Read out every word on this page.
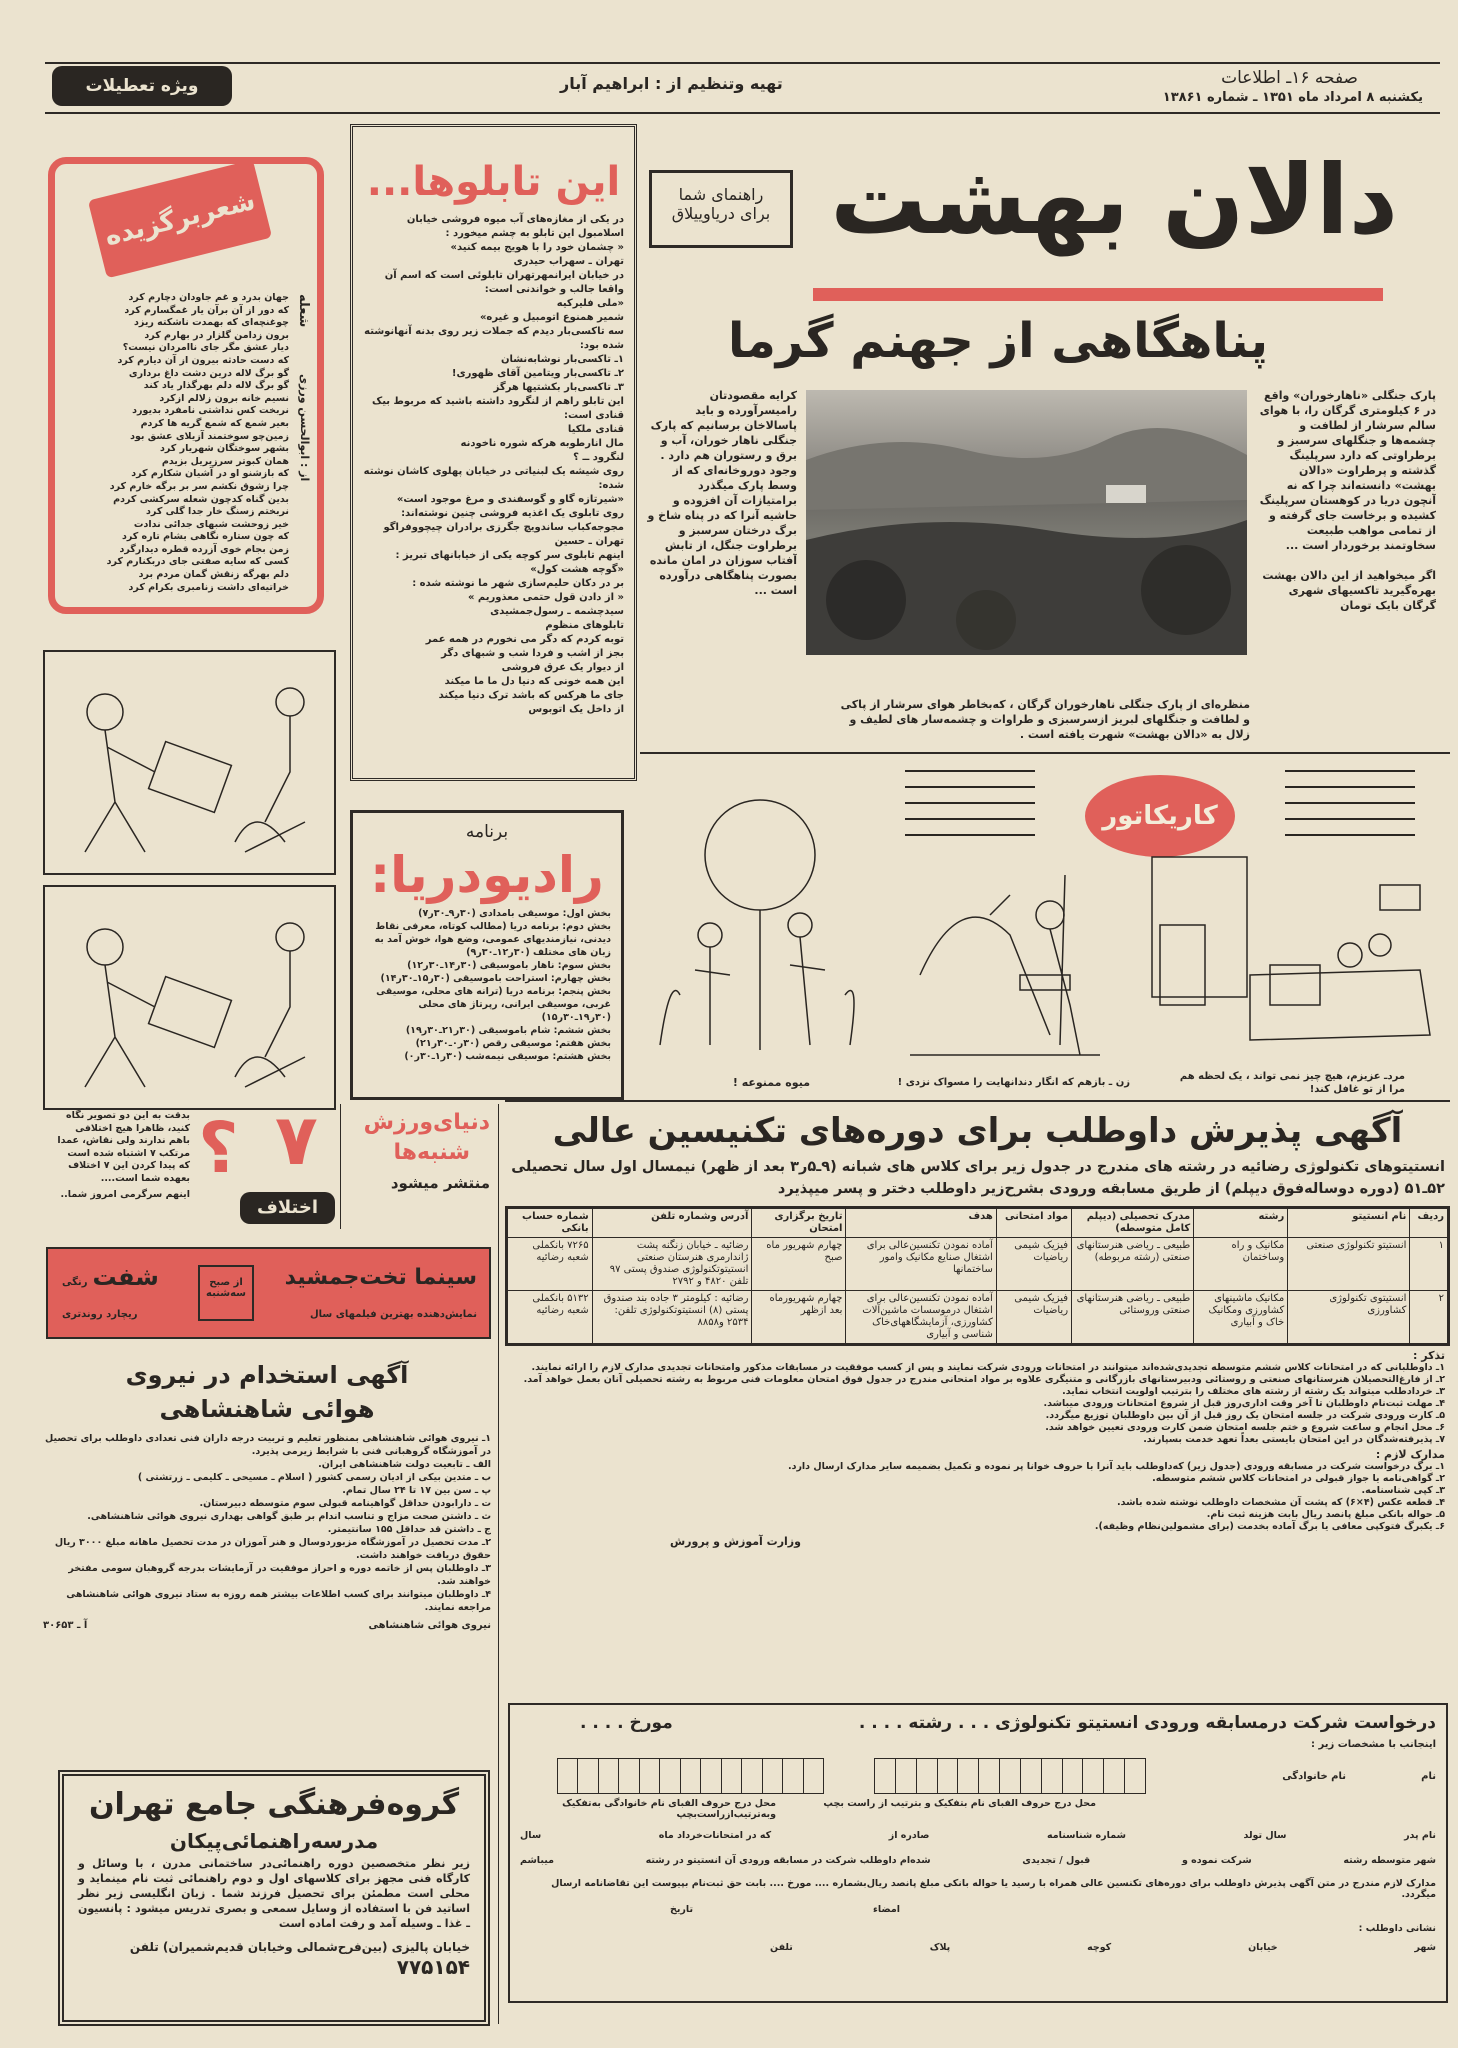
صفحه ۱۶ـ اطلاعات
یکشنبه ۸ امرداد ماه ۱۳۵۱ ـ شماره ۱۳۸۶۱
تهیه وتنظیم از : ابراهیم آبار
ویژه تعطیلات تابستانی
دالان بهشت
پناهگاهی از جهنم گرما
راهنمای شما
برای دریاوییلاق
پارک جنگلی «ناهارخوران» واقع در ۶ کیلومتری گرگان را، با هوای سالم سرشار از لطافت و چشمه‌ها و جنگلهای سرسبز و برطراوتی که دارد سرپلینگ گذشته و پرطراوت «دالان بهشت» دانسته‌اند چرا که نه آنچون دریا در کوهستان سرپلینگ کشیده و برخاست جای گرفته و از تمامی مواهب طبیعت سخاوتمند برخوردار است ...

اگر میخواهید از این دالان بهشت بهره‌گیرید تاکسیهای شهری گرگان بایک تومان
کرایه مقصودتان رامیسرآورده و باید پاسالاخان برسانیم که پارک جنگلی ناهار خوران، آب و برق و رستوران هم دارد . وجود دوروخانه‌ای که از وسط پارک میگذرد برامتیازات آن افزوده و حاشیه آنرا که در پناه شاخ و برگ درختان سرسبز و برطراوت جنگل، از تابش آفتاب سوزان در امان مانده بصورت پناهگاهی درآورده است ...
منظره‌ای از پارک جنگلی ناهارخوران گرگان ، که‌بخاطر هوای سرشار از پاکی و لطافت و جنگلهای لبریز ازسرسبزی و طراوات و چشمه‌سار های لطیف و زلال به «دالان بهشت» شهرت یافته است .
این تابلوها...
در یکی از مغازه‌های آب میوه فروشی خیابان اسلامبول این تابلو به چشم میخورد :
« چشمان خود را با هویج بیمه کنید»
تهران ـ سهراب حیدری
در خیابان ایرانمهرتهران تابلوئی است که اسم آن واقعا جالب و خواندنی است:
«ملی فلیرکیه
شمیر همنوع اتومبیل و غیره»
سه تاکسی‌بار دیدم که جملات زیر روی بدنه آنهانوشته شده بود:
۱ـ تاکسی‌بار نوشابه‌نشان
۲ـ تاکسی‌بار ویتامین آقای ظهوری!
۳ـ تاکسی‌بار بکشتیها هرگز
این تابلو راهم از لنگرود داشته باشید که مربوط بیک قنادی است:
قنادی ملکیا
مال انارطوبه هرکه شوره ناخودنه
لنگرود ــ ؟
روی شیشه یک لبنیاتی در خیابان پهلوی کاشان نوشته شده:
«شیرتازه گاو و گوسفندی و مرغ موجود است»
روی تابلوی یک اغذیه فروشی چنین نوشته‌اند:
مجوجه‌کباب ساندویچ جگرزی برادران چیچووفراگو
تهران ـ حسین
اینهم تابلوی سر کوچه یکی از خیابانهای تبریز :
«گوچه هشت کول»
بر در دکان حلیم‌سازی شهر ما نوشته شده :
« از دادن قول حتمی معذوریم »
سیدچشمه ـ رسول‌جمشیدی
تابلوهای منظوم
توبه کردم که دگر می نخورم در همه عمر
بجز از اشب و فردا شب و شبهای دگر
از دیوار یک عرق فروشی
این همه خونی که دنیا دل ما ما میکند
جای ما هرکس که باشد ترک دنیا میکند
از داخل یک اتوبوس
شعربرگزیده
شعله
از : ابوالحسن ورزی
جهان بدرد و غم جاودان دچارم کرد
که دور از آن برآن یار غمگسارم کرد
چوغنچه‌ای که بهمدت ناشکته ریزد
برون زدامن گلزار در بهارم کرد
دیار عشق مگر جای ناامردان نیست؟
که دست حادثه بیرون از آن دیارم کرد
گو برگ لاله درین دشت داغ برداری
گو برگ لاله دلم بهرگذار یاد کند
نسیم خانه برون زلالم ازکرد
نربخت کس نداشتی نامفرد بدیورد
بعیر شمع که شمع گریه ها کردم
زمین‌چو سوختمند آزیلای عشق بود
بشهر سوختگان شهریار کرد
همان کبوتر سرزیریل بزیدم
که بازشنو او در آشیان شکارم کرد
چرا زشوق نکشم سر بر برگه خارم کرد
بدین گناه کدچون شعله سرکشی کردم
نربختم زسنگ خار جدا گلی کرد
خیر زوحشت شبهای جدائی ندادت
که چون ستاره نگاهی بشام تاره کرد
زمن بجام خوی آزرده قطره دیدارگرد
کسی که سایه صفتی جای دربکنارم کرد
دلم بهرگه زنقش گمان مردم برد
خراتیه‌ای داشت زنامبری بکرام کرد
برنامه
رادیودریا:
بخش اول: موسیقی بامدادی (۳۰ر۹ـ۳۰ر۷)
بخش دوم: برنامه دریا (مطالب کوتاه، معرفی نقاط دیدنی، نیازمندیهای عمومی، وضع هوا، خوش آمد به زبان های مختلف (۳۰ر۱۲ـ۳۰ر۹)
بخش سوم: ناهار باموسیقی (۳۰ر۱۴ـ۳۰ر۱۲)
بخش چهارم: استراحت باموسیقی (۳۰ر۱۵ـ۳۰ر۱۴)
بخش پنجم: برنامه دریا (ترانه های محلی، موسیقی غربی، موسیقی ایرانی، رپرتاژ های محلی (۳۰ر۱۹ـ۳۰ر۱۵)
بخش ششم: شام باموسیقی (۳۰ر۲۱ـ۳۰ر۱۹)
بخش هفتم: موسیقی رقص (۳۰ر۰ـ۳۰ر۲۱)
بخش هشتم: موسیقی نیمه‌شب (۳۰ر۱ـ۳۰ر۰)
کاریکاتور
مردـ عزیزم، هیچ چیز نمی تواند ، یک لحظه هم مرا از تو غافل کند!
زن ـ بازهم که انگار دندانهایت را مسواک نزدی !
میوه ممنوعه !
بدقت به این دو تصویر نگاه کنید، ظاهرا هیچ اختلافی باهم ندارند ولی نقاش، عمدا مرتکب ۷ اشتباه شده است که پیدا کردن این ۷ اختلاف بعهده شما است....
اینهم سرگرمی امروز شما..
؟ ۷
اختلاف
دنیای‌ورزش
شنبه‌ها
منتشر میشود
سینما تخت‌جمشید
نمایش‌دهنده بهترین فیلمهای سال
از صبح
سه‌شنبه
شفت رنگی
ریچارد روندتری
آگهی استخدام در نیروی
هوائی شاهنشاهی
۱ـ نیروی هوائی شاهنشاهی بمنظور تعلیم و تربیت درجه داران فنی تعدادی داوطلب برای تحصیل در آموزشگاه گروهبانی فنی با شرایط زیرمی پذیرد.
الف ـ تابعیت دولت شاهنشاهی ایران.
ب ـ متدین بیکی از ادیان رسمی کشور ( اسلام ـ مسیحی ـ کلیمی ـ زرتشتی )
پ ـ سن بین ۱۷ تا ۲۴ سال تمام.
ت ـ دارابودن حداقل گواهینامه قبولی سوم متوسطه دبیرستان.
ث ـ داشتن صحت مزاج و تناسب اندام بر طبق گواهی بهداری نیروی هوائی شاهنشاهی.
ج ـ داشتن قد حداقل ۱۵۵ سانتیمتر.
۲ـ مدت تحصیل در آموزشگاه مزبوردوسال و هنر آموزان در مدت تحصیل ماهانه مبلغ ۳۰۰۰ ریال حقوق دریافت خواهند داشت.
۳ـ داوطلبان پس از خاتمه دوره و احراز موفقیت در آزمایشات بدرجه گروهبان سومی مفتخر خواهند شد.
۴ـ داوطلبان میتوانند برای کسب اطلاعات بیشتر همه روزه به ستاد نیروی هوائی شاهنشاهی مراجعه نمایند.
نیروی هوائی شاهنشاهی
آ ـ ۳۰۶۵۳
گروه‌فرهنگی جامع تهران
مدرسه‌راهنمائی‌پیکان
زیر نظر متخصصین دوره راهنمائی‌در ساختمانی مدرن ، با وسائل و کارگاه فنی مجهز برای کلاسهای اول و دوم راهنمائی ثبت نام مینماید و محلی است مطمئن برای تحصیل فرزند شما . زبان انگلیسی زیر نظر اساتید فن با استفاده از وسایل سمعی و بصری تدریس میشود : پانسیون ـ غذا ـ وسیله آمد و رفت اماده است
خیابان پالیزی (بین‌فرح‌شمالی وخیابان قدیم‌شمیران) تلفن ۷۷۵۱۵۴
آگهی پذیرش داوطلب برای دوره‌های تکنیسین عالی
انستیتوهای تکنولوژی رضائیه در رشته های مندرج در جدول زیر برای کلاس های شبانه (۹ـ۵ر۳ بعد از ظهر) نیمسال اول سال تحصیلی ۵۲ـ۵۱ (دوره دوساله‌فوق دیپلم) از طریق مسابقه ورودی بشرح‌زیر داوطلب دختر و پسر میپذیرد
ردیف	نام انستیتو	رشته	مدرک تحصیلی (دیپلم کامل متوسطه)	مواد امتحانی	هدف	تاریخ برگزاری امتحان	آدرس وشماره تلفن	شماره حساب بانکی
۱	انستیتو تکنولوژی صنعتی	مکانیک و راه وساختمان	طبیعی ـ ریاضی هنرستانهای صنعتی (رشته مربوطه)	فیزیک شیمی ریاضیات	آماده نمودن تکنسین‌عالی برای اشتغال صنایع مکانیک وامور ساختمانها	چهارم شهریور ماه صبح	رضائیه ـ خیابان زنگنه پشت ژاندارمری هنرستان صنعتی انستیتوتکنولوژی صندوق پستی ۹۷ تلفن ۴۸۲۰ و ۲۷۹۲	۷۲۶۵ بانکملی شعبه رضائیه
۲	انستیتوی تکنولوژی کشاورزی	مکانیک ماشینهای کشاورزی ومکانیک خاک و آبیاری	طبیعی ـ ریاضی هنرستانهای صنعتی وروستائی	فیزیک شیمی ریاضیات	آماده نمودن تکنسین‌عالی برای اشتغال درموسسات ماشین‌آلات کشاورزی، آزمایشگاههای‌خاک شناسی و آبیاری	چهارم شهریورماه بعد ازظهر	رضائیه : کیلومتر ۳ جاده بند صندوق پستی (۸) انستیتوتکنولوژی تلفن: ۲۵۳۴ و۸۸۵۸	۵۱۳۲ بانکملی شعبه رضائیه
تذکر :
۱ـ داوطلبانی که در امتحانات کلاس ششم متوسطه تجدیدی‌شده‌اند میتوانند در امتحانات ورودی شرکت نمایند و پس از کسب موفقیت در مسابقات مذکور وامتحانات تجدیدی مدارک لازم را ارائه نمایند.
۲ـ از فارغ‌التحصیلان هنرستانهای صنعتی و روستائی ودبیرستانهای بازرگانی و متنیگری علاوه بر مواد امتحانی مندرج در جدول فوق امتحان معلومات فنی مربوط به رشته تحصیلی آنان بعمل خواهد آمد.
۳ـ خردادطلب میتواند یک رشته از رشته های مختلف را بترتیب اولویت انتخاب نماید.
۴ـ مهلت ثبت‌نام داوطلبان تا آخر وقت اداری‌روز قبل از شروع امتحانات ورودی میباشد.
۵ـ کارت ورودی شرکت در جلسه امتحان یک روز قبل از آن بین داوطلبان توزیع میگردد.
۶ـ محل انجام و ساعت شروع و ختم جلسه امتحان ضمن کارت ورودی تعیین خواهد شد.
۷ـ پذیرفته‌شدگان در این امتحان بایستی بعداً تعهد خدمت بسپارند.
مدارک لازم :
۱ـ برگ درخواست شرکت در مسابقه ورودی (جدول زیر) که‌داوطلب باید آنرا با حروف خوانا پر نموده و تکمیل بضمیمه سایر مدارک ارسال دارد.
۲ـ گواهی‌نامه یا جواز قبولی در امتحانات کلاس ششم متوسطه.
۳ـ کپی شناسنامه.
۴ـ قطعه عکس (۴×۶) که پشت آن مشخصات داوطلب نوشته شده باشد.
۵ـ حواله بانکی مبلغ پانصد ریال بابت هزینه ثبت نام.
۶ـ یکبرگ فتوکپی معافی یا برگ آماده بخدمت (برای مشمولین‌نظام وظیفه).
وزارت آموزش و پرورش
درخواست شرکت درمسابقه ورودی انستیتو تکنولوژی . . . رشته . . . .
مورخ . . . .
اینجانب با مشخصات زیر :
نام
نام خانوادگی
محل درج حروف الفبای نام بتفکیک و بترتیب از راست بچپ
محل درج حروف الفبای نام خانوادگی به‌تفکیک وبه‌ترتیب‌ازراست‌بچپ
نام پدر
سال تولد
شماره شناسنامه
صادره از
که در امتحانات‌خرداد ماه
سال
شهر متوسطه رشته
شرکت نموده و
قبول / تجدیدی
شده‌ام داوطلب شرکت در مسابقه ورودی آن انستیتو در رشته
میباشم
مدارک لازم مندرج در متن آگهی پذیرش داوطلب برای دوره‌های تکنسین عالی همراه با رسید یا حواله بانکی مبلغ پانصد ریال‌بشماره .... مورخ .... بابت حق ثبت‌نام بپیوست این تقاضانامه ارسال میگردد.
امضاء
تاریخ
نشانی داوطلب :
شهر
خیابان
کوچه
پلاک
تلفن
